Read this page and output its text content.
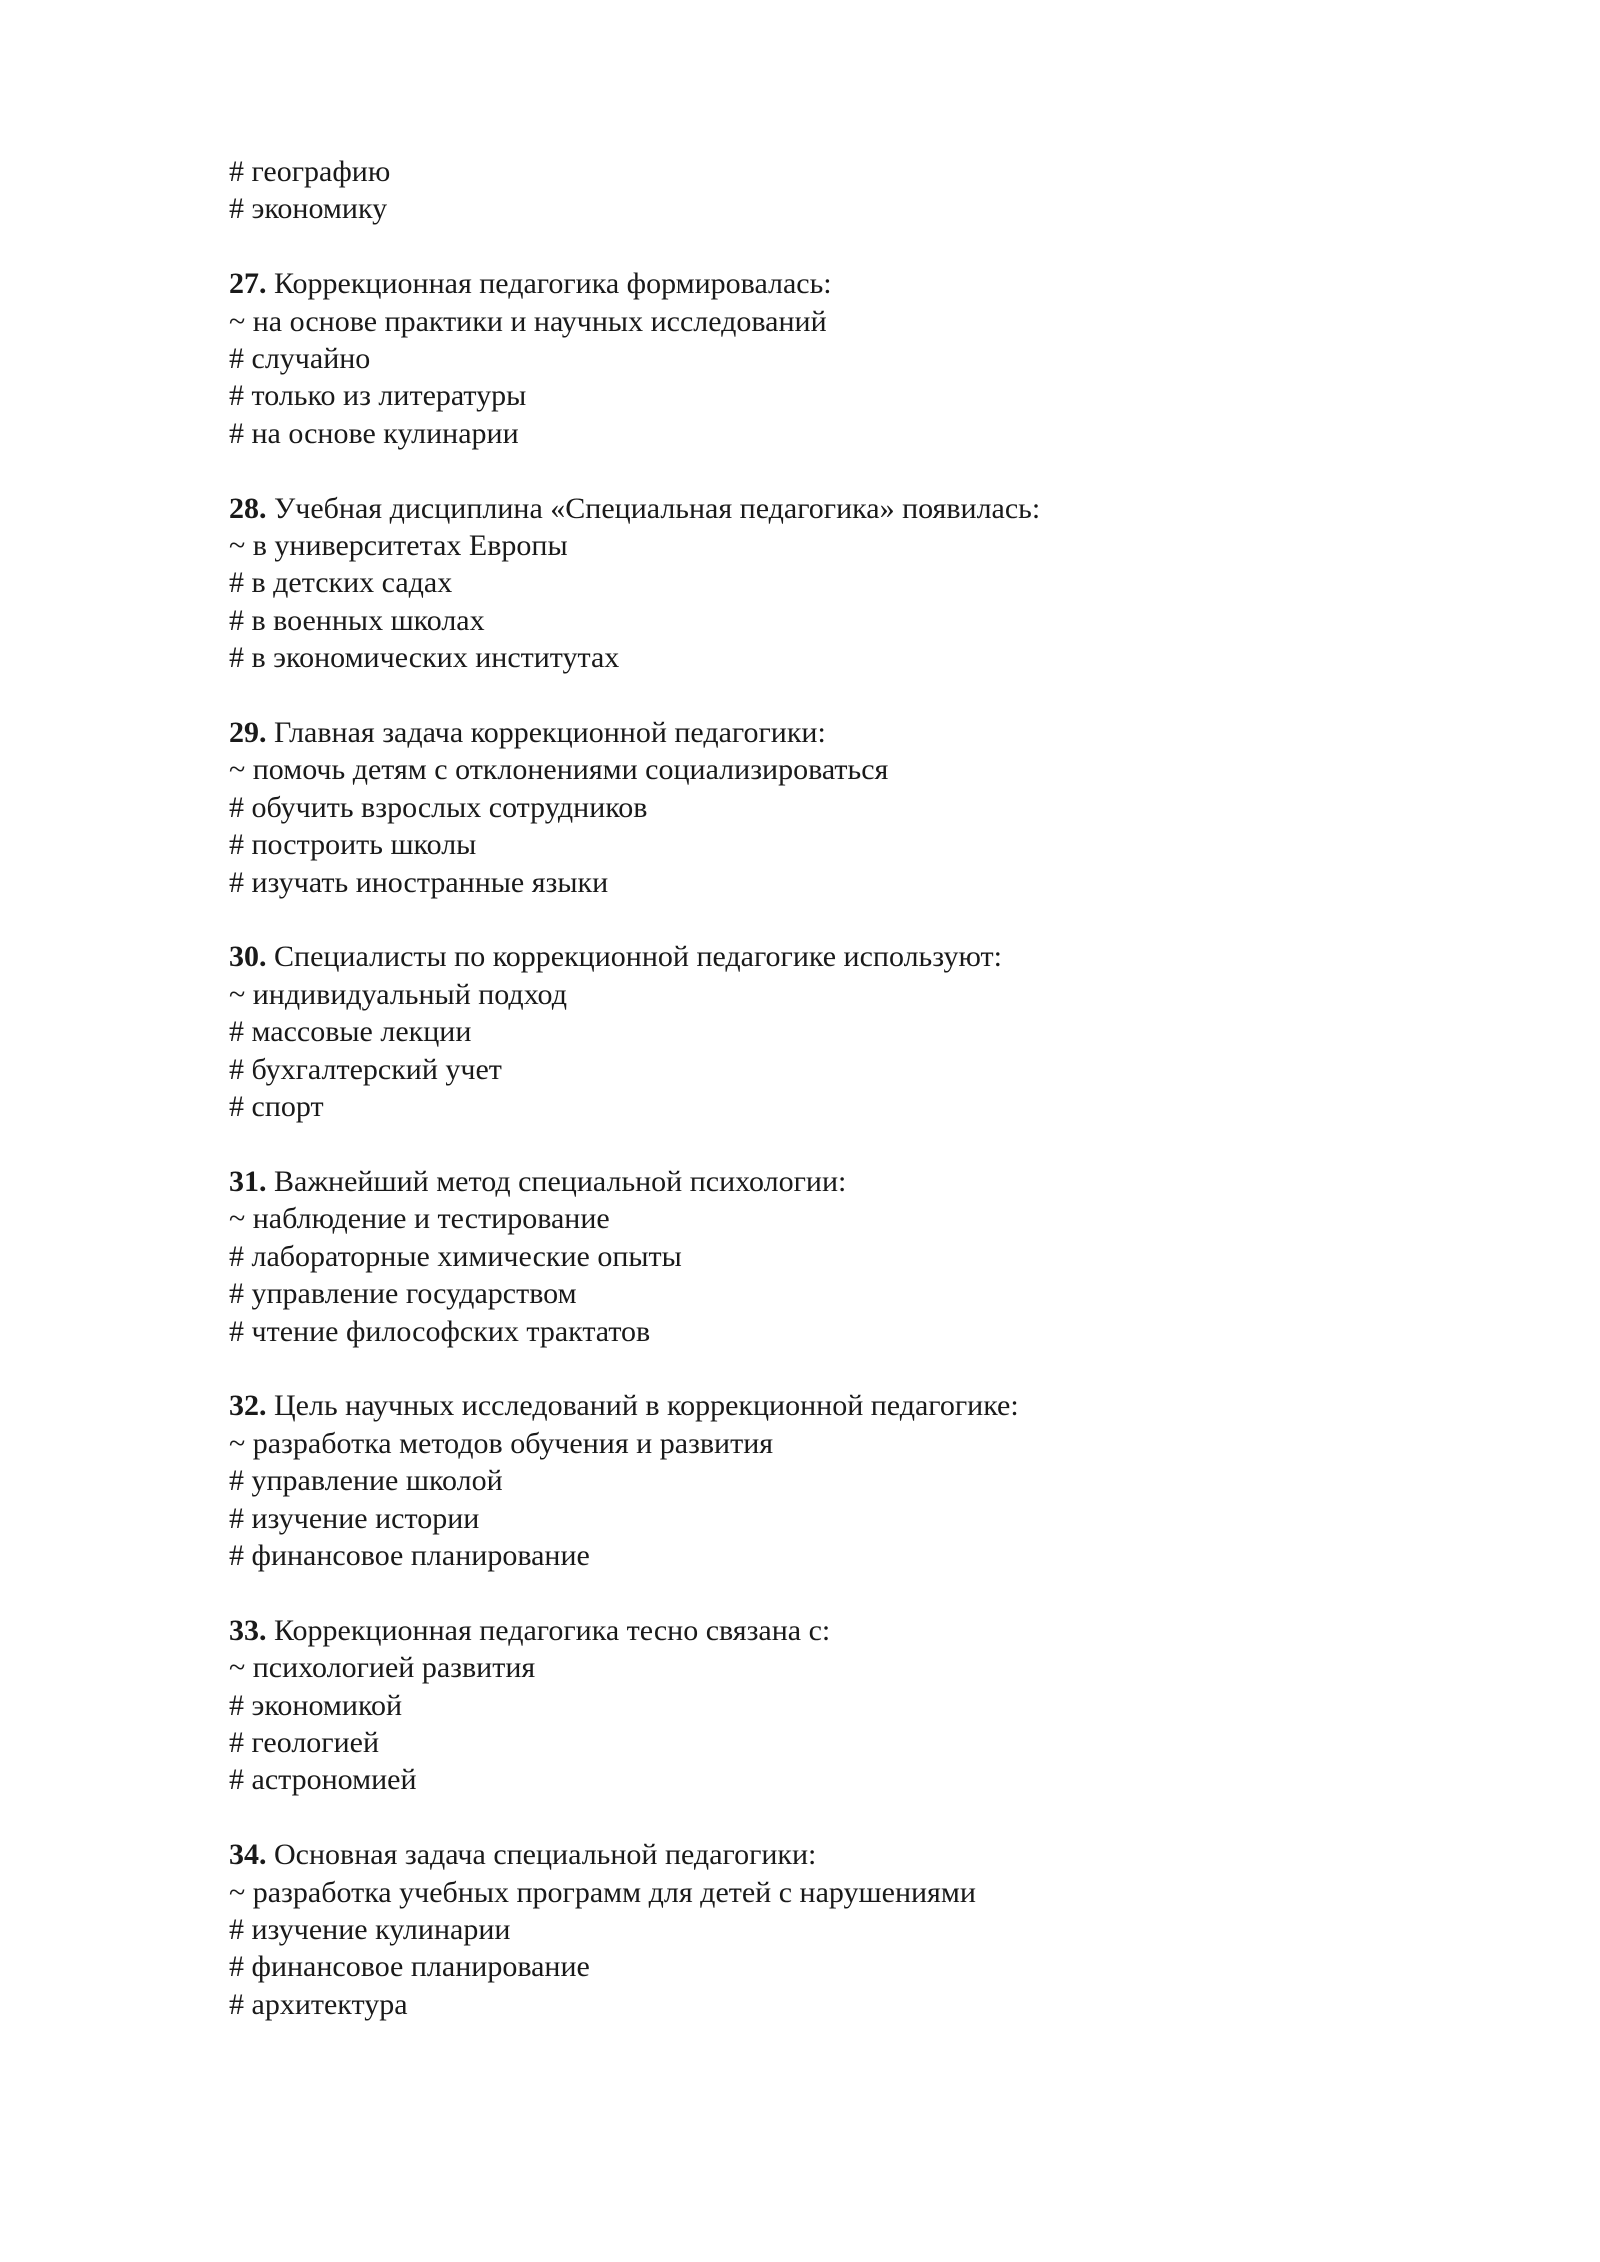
# географию

# экономику

27. Коррекционная педагогика формировалась:

~ на основе практики и научных исследований

# случайно

# только из литературы

# на основе кулинарии

28. Учебная дисциплина «Специальная педагогика» появилась:

~ в университетах Европы

# в детских садах

# в военных школах

# в экономических институтах

29. Главная задача коррекционной педагогики:

~ помочь детям с отклонениями социализироваться

# обучить взрослых сотрудников

# построить школы

# изучать иностранные языки

30. Специалисты по коррекционной педагогике используют:

~ индивидуальный подход

# массовые лекции

# бухгалтерский учет

# спорт

31. Важнейший метод специальной психологии:

~ наблюдение и тестирование

# лабораторные химические опыты

# управление государством

# чтение философских трактатов

32. Цель научных исследований в коррекционной педагогике:

~ разработка методов обучения и развития

# управление школой

# изучение истории

# финансовое планирование

33. Коррекционная педагогика тесно связана с:

~ психологией развития

# экономикой

# геологией

# астрономией

34. Основная задача специальной педагогики:

~ разработка учебных программ для детей с нарушениями

# изучение кулинарии

# финансовое планирование

# архитектура
